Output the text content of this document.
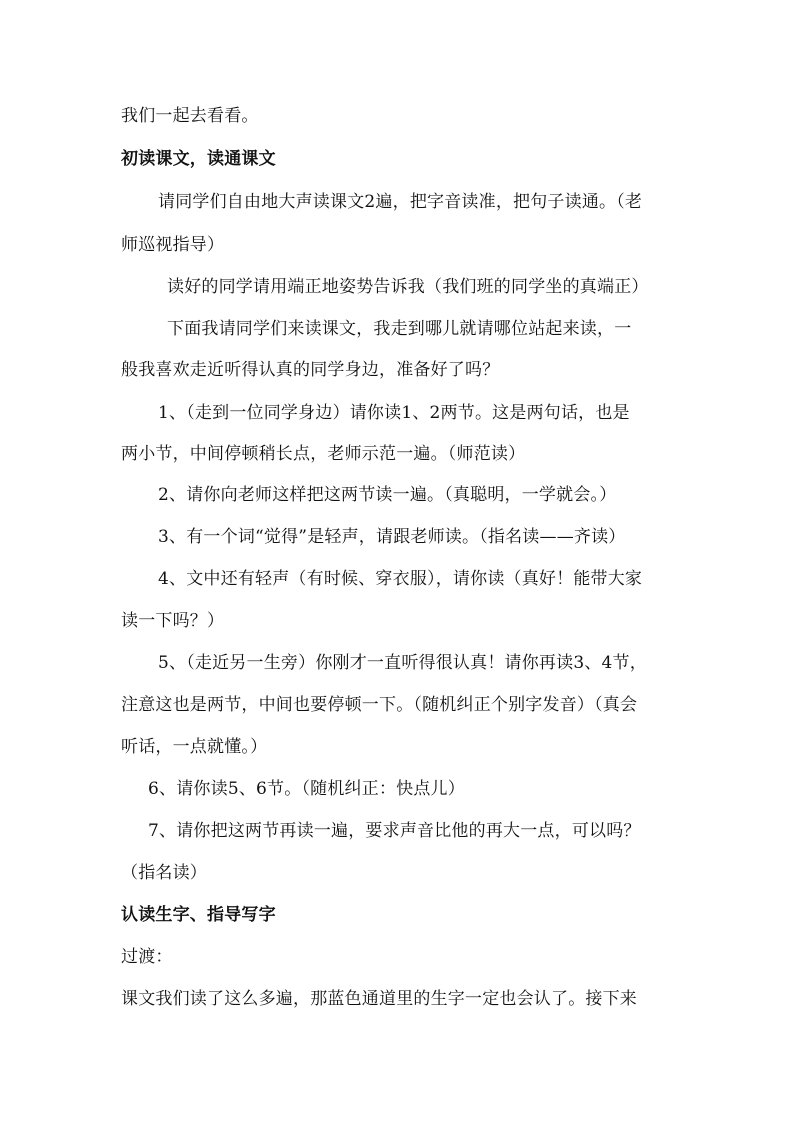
我们一起去看看。
初读课文，读通课文
请同学们自由地大声读课文2遍，把字音读准，把句子读通。（老
师巡视指导）
读好的同学请用端正地姿势告诉我（我们班的同学坐的真端正）
下面我请同学们来读课文，我走到哪儿就请哪位站起来读，一
般我喜欢走近听得认真的同学身边，准备好了吗？
1、（走到一位同学身边）请你读1、2两节。这是两句话，也是
两小节，中间停顿稍长点，老师示范一遍。（师范读）
2、请你向老师这样把这两节读一遍。（真聪明，一学就会。）
3、有一个词“觉得”是轻声，请跟老师读。（指名读——齐读）
4、文中还有轻声（有时候、穿衣服），请你读（真好！能带大家
读一下吗？）
5、（走近另一生旁）你刚才一直听得很认真！请你再读3、4节，
注意这也是两节，中间也要停顿一下。（随机纠正个别字发音）（真会
听话，一点就懂。）
6、请你读5、6节。（随机纠正：快点儿）
7、请你把这两节再读一遍，要求声音比他的再大一点，可以吗？
（指名读）
认读生字、指导写字
过渡：
课文我们读了这么多遍，那蓝色通道里的生字一定也会认了。接下来
